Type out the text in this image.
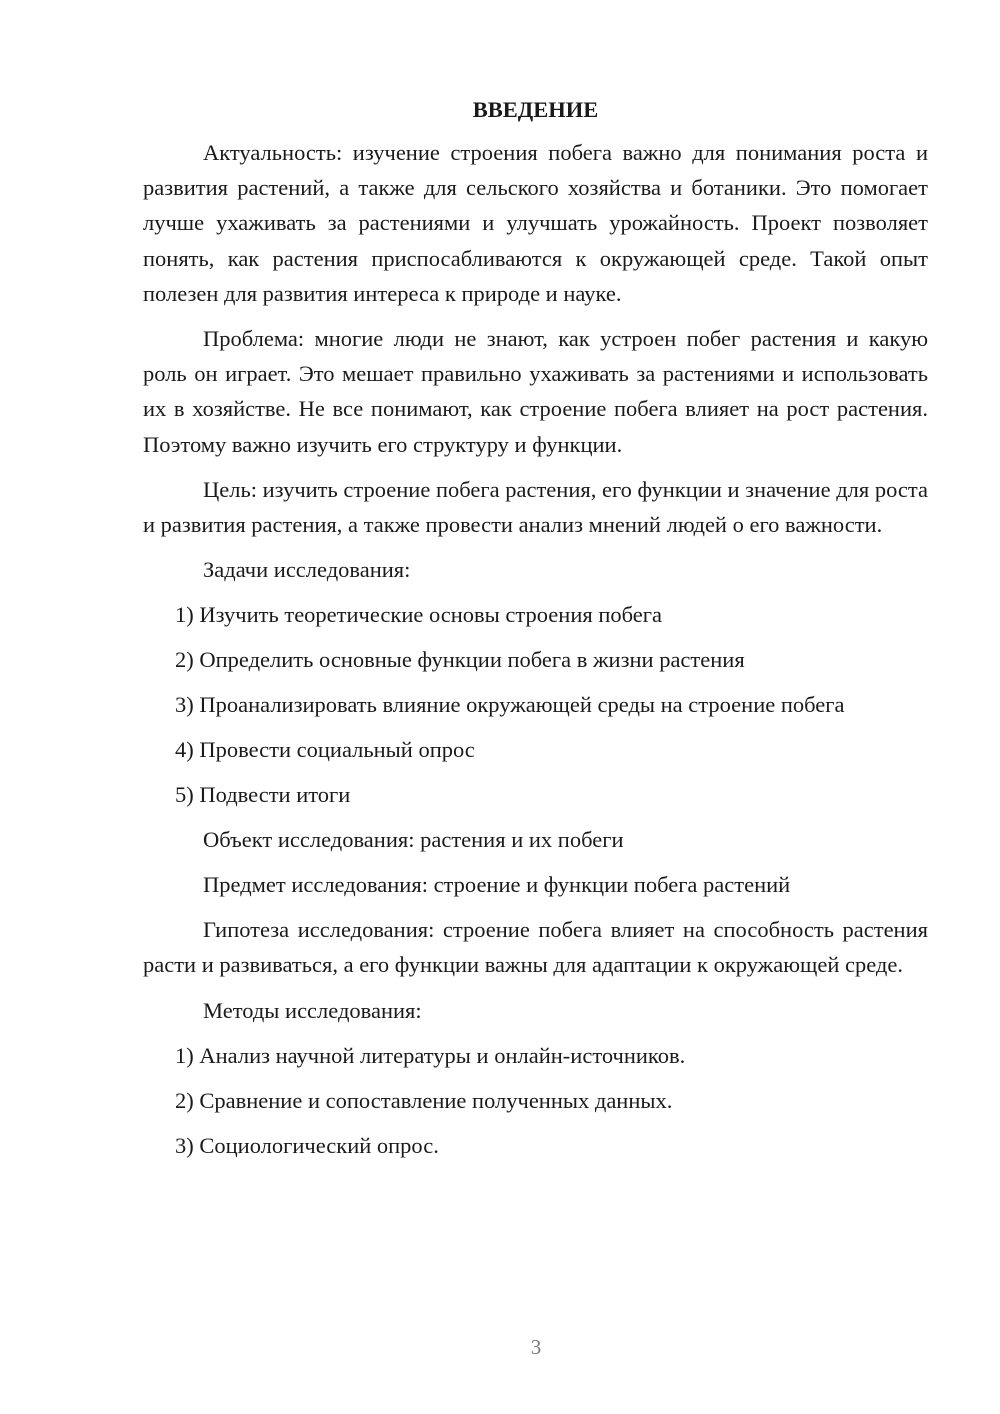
ВВЕДЕНИЕ
Актуальность: изучение строения побега важно для понимания роста и развития растений, а также для сельского хозяйства и ботаники. Это помогает лучше ухаживать за растениями и улучшать урожайность. Проект позволяет понять, как растения приспосабливаются к окружающей среде. Такой опыт полезен для развития интереса к природе и науке.
Проблема: многие люди не знают, как устроен побег растения и какую роль он играет. Это мешает правильно ухаживать за растениями и использовать их в хозяйстве. Не все понимают, как строение побега влияет на рост растения. Поэтому важно изучить его структуру и функции.
Цель: изучить строение побега растения, его функции и значение для роста и развития растения, а также провести анализ мнений людей о его важности.
Задачи исследования:
1) Изучить теоретические основы строения побега
2) Определить основные функции побега в жизни растения
3) Проанализировать влияние окружающей среды на строение побега
4) Провести социальный опрос
5) Подвести итоги
Объект исследования: растения и их побеги
Предмет исследования: строение и функции побега растений
Гипотеза исследования: строение побега влияет на способность растения расти и развиваться, а его функции важны для адаптации к окружающей среде.
Методы исследования:
1) Анализ научной литературы и онлайн-источников.
2) Сравнение и сопоставление полученных данных.
3) Социологический опрос.
3
